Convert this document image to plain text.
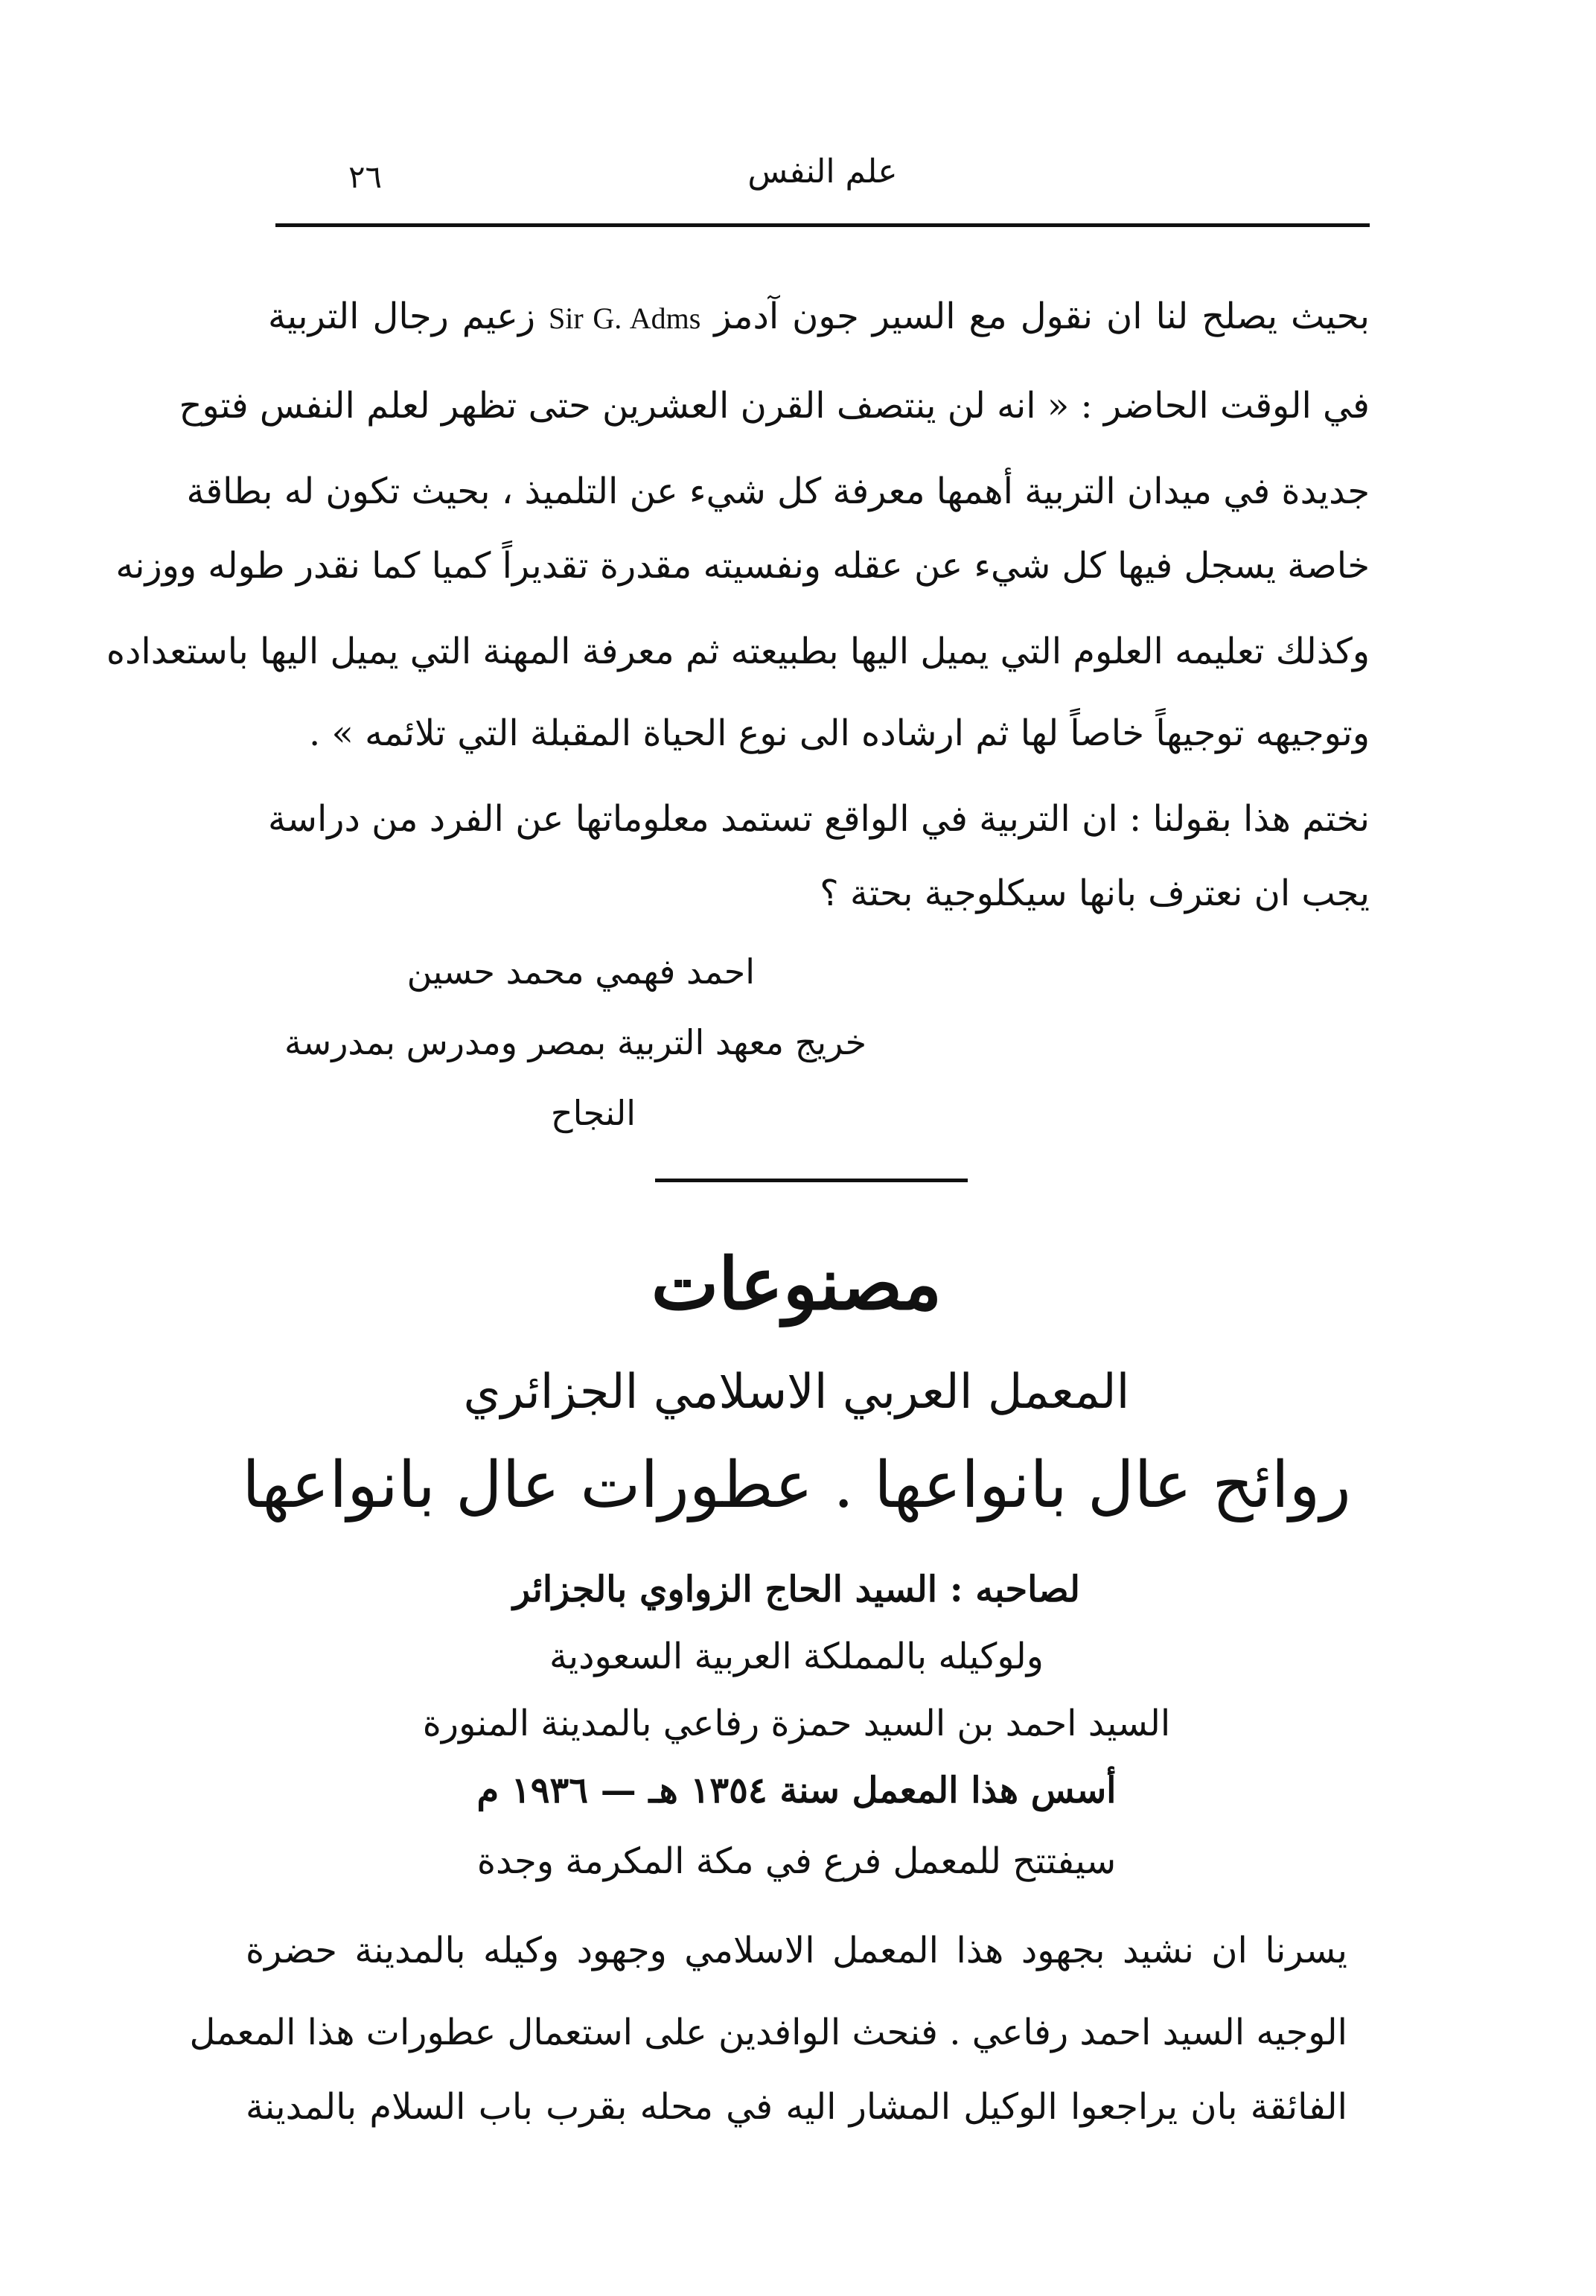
٢٦	علم النفس
بحيث يصلح لنا ان نقول مع السير جون آدمز Sir G. Adms زعيم رجال التربية
في الوقت الحاضر : « انه لن ينتصف القرن العشرين حتى تظهر لعلم النفس فتوح
جديدة في ميدان التربية أهمها معرفة كل شيء عن التلميذ ، بحيث تكون له بطاقة
خاصة يسجل فيها كل شيء عن عقله ونفسيته مقدرة تقديراً كميا كما نقدر طوله ووزنه
وكذلك تعليمه العلوم التي يميل اليها بطبيعته ثم معرفة المهنة التي يميل اليها باستعداده
وتوجيهه توجيهاً خاصاً لها ثم ارشاده الى نوع الحياة المقبلة التي تلائمه » .
نختم هذا بقولنا : ان التربية في الواقع تستمد معلوماتها عن الفرد من دراسة
يجب ان نعترف بانها سيكلوجية بحتة ؟
احمد فهمي محمد حسين
خريج معهد التربية بمصر ومدرس بمدرسة
النجاح
مصنوعات
المعمل العربي الاسلامي الجزائري
روائح عال بانواعها . عطورات عال بانواعها
لصاحبه : السيد الحاج الزواوي بالجزائر
ولوكيله بالمملكة العربية السعودية
السيد احمد بن السيد حمزة رفاعي بالمدينة المنورة
أسس هذا المعمل سنة ١٣٥٤ هـ — ١٩٣٦ م
سيفتتح للمعمل فرع في مكة المكرمة وجدة
يسرنا ان نشيد بجهود هذا المعمل الاسلامي وجهود وكيله بالمدينة حضرة
الوجيه السيد احمد رفاعي . فنحث الوافدين على استعمال عطورات هذا المعمل
الفائقة بان يراجعوا الوكيل المشار اليه في محله بقرب باب السلام بالمدينة
